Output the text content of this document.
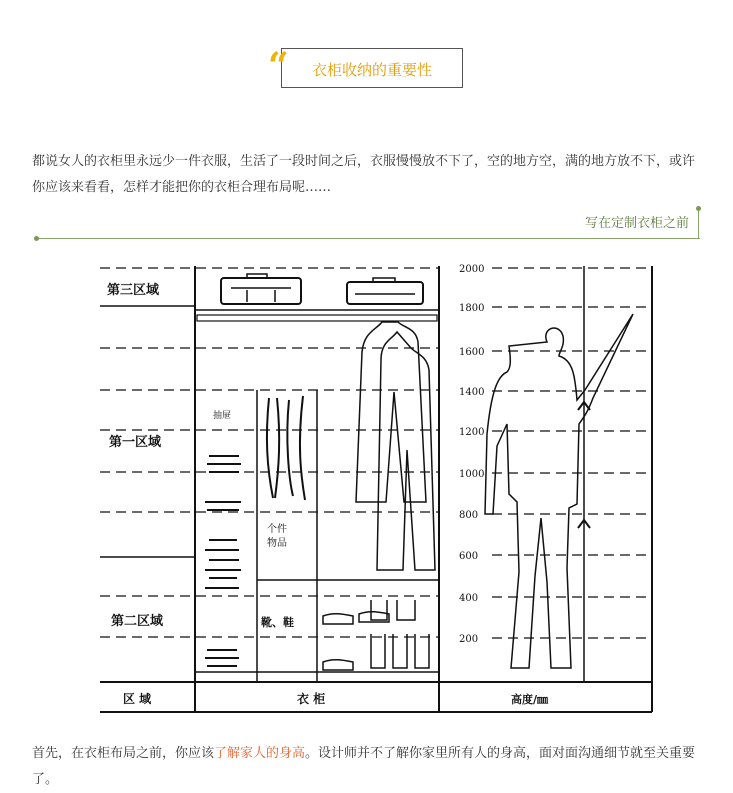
“ 衣柜收纳的重要性
都说女人的衣柜里永远少一件衣服，生活了一段时间之后，衣服慢慢放不下了，空的地方空，满的地方放不下，或许你应该来看看，怎样才能把你的衣柜合理布局呢……
写在定制衣柜之前
第三区域
第一区域
第二区域
抽屉
个件
物品
靴、鞋
区 域	衣 柜	高度/㎜
2000
1800
1600
1400
1200
1000
800
600
400
200
首先，在衣柜布局之前，你应该了解家人的身高。设计师并不了解你家里所有人的身高，面对面沟通细节就至关重要了。
